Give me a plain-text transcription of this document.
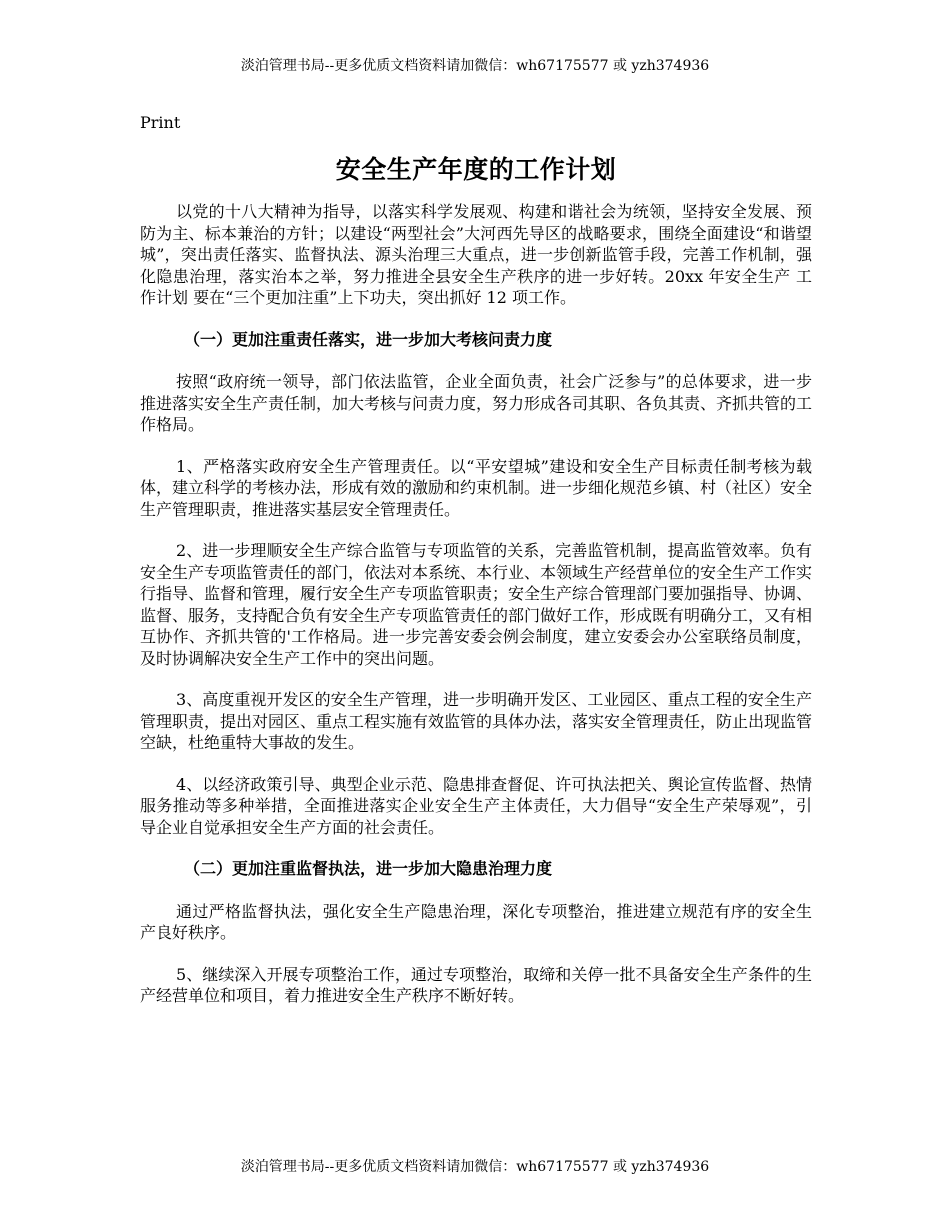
淡泊管理书局--更多优质文档资料请加微信：wh67175577 或 yzh374936
Print
安全生产年度的工作计划

以党的十八大精神为指导，以落实科学发展观、构建和谐社会为统领，坚持安全发展、预防为主、标本兼治的方针；以建设“两型社会”大河西先导区的战略要求，围绕全面建设“和谐望城”，突出责任落实、监督执法、源头治理三大重点，进一步创新监管手段，完善工作机制，强化隐患治理，落实治本之举，努力推进全县安全生产秩序的进一步好转。20xx 年安全生产 工作计划 要在“三个更加注重”上下功夫，突出抓好 12 项工作。

（一）更加注重责任落实，进一步加大考核问责力度

按照“政府统一领导，部门依法监管，企业全面负责，社会广泛参与”的总体要求，进一步推进落实安全生产责任制，加大考核与问责力度，努力形成各司其职、各负其责、齐抓共管的工作格局。

1、严格落实政府安全生产管理责任。以“平安望城”建设和安全生产目标责任制考核为载体，建立科学的考核办法，形成有效的激励和约束机制。进一步细化规范乡镇、村（社区）安全生产管理职责，推进落实基层安全管理责任。

2、进一步理顺安全生产综合监管与专项监管的关系，完善监管机制，提高监管效率。负有安全生产专项监管责任的部门，依法对本系统、本行业、本领域生产经营单位的安全生产工作实行指导、监督和管理，履行安全生产专项监管职责；安全生产综合管理部门要加强指导、协调、监督、服务，支持配合负有安全生产专项监管责任的部门做好工作，形成既有明确分工，又有相互协作、齐抓共管的'工作格局。进一步完善安委会例会制度，建立安委会办公室联络员制度，及时协调解决安全生产工作中的突出问题。

3、高度重视开发区的安全生产管理，进一步明确开发区、工业园区、重点工程的安全生产管理职责，提出对园区、重点工程实施有效监管的具体办法，落实安全管理责任，防止出现监管空缺，杜绝重特大事故的发生。

4、以经济政策引导、典型企业示范、隐患排查督促、许可执法把关、舆论宣传监督、热情服务推动等多种举措，全面推进落实企业安全生产主体责任，大力倡导“安全生产荣辱观”，引导企业自觉承担安全生产方面的社会责任。

（二）更加注重监督执法，进一步加大隐患治理力度

通过严格监督执法，强化安全生产隐患治理，深化专项整治，推进建立规范有序的安全生产良好秩序。

5、继续深入开展专项整治工作，通过专项整治，取缔和关停一批不具备安全生产条件的生产经营单位和项目，着力推进安全生产秩序不断好转。

淡泊管理书局--更多优质文档资料请加微信：wh67175577 或 yzh374936
